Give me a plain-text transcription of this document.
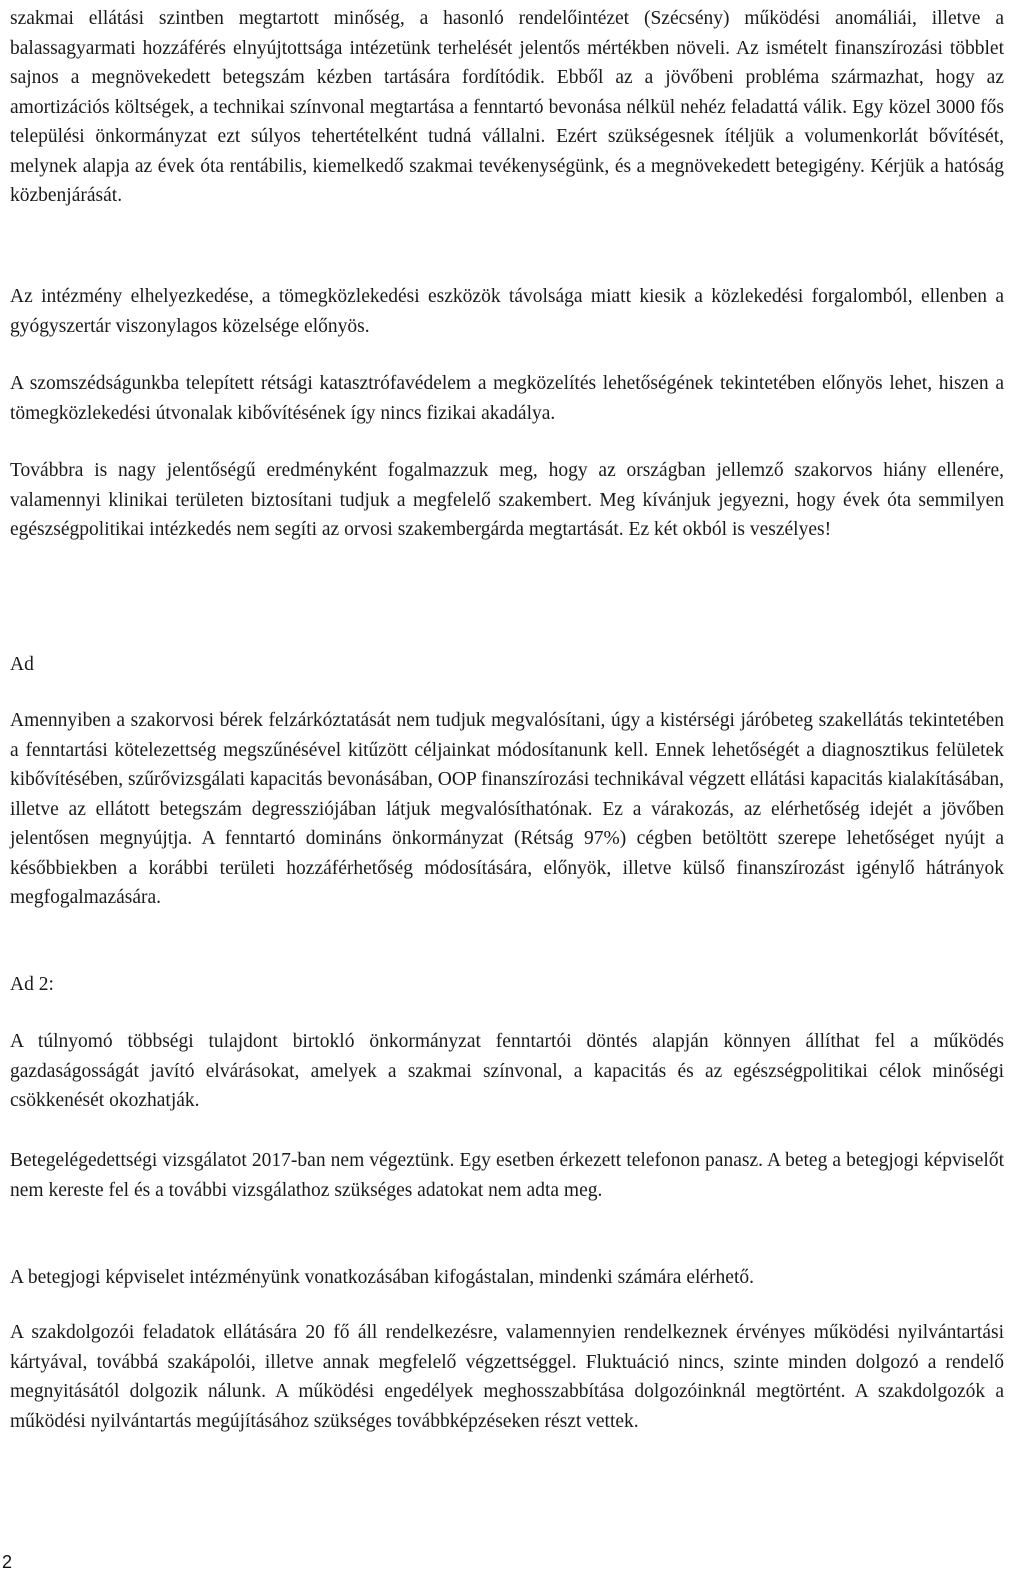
szakmai ellátási szintben megtartott minőség, a hasonló rendelőintézet (Szécsény) működési anomáliái, illetve a balassagyarmati hozzáférés elnyújtottsága intézetünk terhelését jelentős mértékben növeli. Az ismételt finanszírozási többlet sajnos a megnövekedett betegszám kézben tartására fordítódik. Ebből az a jövőbeni probléma származhat, hogy az amortizációs költségek, a technikai színvonal megtartása a fenntartó bevonása nélkül nehéz feladattá válik. Egy közel 3000 fős települési önkormányzat ezt súlyos tehertételként tudná vállalni. Ezért szükségesnek ítéljük a volumenkorlát bővítését, melynek alapja az évek óta rentábilis, kiemelkedő szakmai tevékenységünk, és a megnövekedett betegigény. Kérjük a hatóság közbenjárását.

Az intézmény elhelyezkedése, a tömegközlekedési eszközök távolsága miatt kiesik a közlekedési forgalomból, ellenben a gyógyszertár viszonylagos közelsége előnyös.

A szomszédságunkba telepített rétsági katasztrófavédelem a megközelítés lehetőségének tekintetében előnyös lehet, hiszen a tömegközlekedési útvonalak kibővítésének így nincs fizikai akadálya.

Továbbra is nagy jelentőségű eredményként fogalmazzuk meg, hogy az országban jellemző szakorvos hiány ellenére, valamennyi klinikai területen biztosítani tudjuk a megfelelő szakembert. Meg kívánjuk jegyezni, hogy évek óta semmilyen egészségpolitikai intézkedés nem segíti az orvosi szakembergárda megtartását. Ez két okból is veszélyes!

Ad

Amennyiben a szakorvosi bérek felzárkóztatását nem tudjuk megvalósítani, úgy a kistérségi járóbeteg szakellátás tekintetében a fenntartási kötelezettség megszűnésével kitűzött céljainkat módosítanunk kell. Ennek lehetőségét a diagnosztikus felületek kibővítésében, szűrővizsgálati kapacitás bevonásában, OOP finanszírozási technikával végzett ellátási kapacitás kialakításában, illetve az ellátott betegszám degressziójában látjuk megvalósíthatónak. Ez a várakozás, az elérhetőség idejét a jövőben jelentősen megnyújtja. A fenntartó domináns önkormányzat (Rétság 97%) cégben betöltött szerepe lehetőséget nyújt a későbbiekben a korábbi területi hozzáférhetőség módosítására, előnyök, illetve külső finanszírozást igénylő hátrányok megfogalmazására.

Ad 2:

A túlnyomó többségi tulajdont birtokló önkormányzat fenntartói döntés alapján könnyen állíthat fel a működés gazdaságosságát javító elvárásokat, amelyek a szakmai színvonal, a kapacitás és az egészségpolitikai célok minőségi csökkenését okozhatják.

Betegelégedettségi vizsgálatot 2017-ban nem végeztünk. Egy esetben érkezett telefonon panasz. A beteg a betegjogi képviselőt nem kereste fel és a további vizsgálathoz szükséges adatokat nem adta meg.

A betegjogi képviselet intézményünk vonatkozásában kifogástalan, mindenki számára elérhető.

A szakdolgozói feladatok ellátására 20 fő áll rendelkezésre, valamennyien rendelkeznek érvényes működési nyilvántartási kártyával, továbbá szakápolói, illetve annak megfelelő végzettséggel. Fluktuáció nincs, szinte minden dolgozó a rendelő megnyitásától dolgozik nálunk. A működési engedélyek meghosszabbítása dolgozóinknál megtörtént. A szakdolgozók a működési nyilvántartás megújításához szükséges továbbképzéseken részt vettek.

2
